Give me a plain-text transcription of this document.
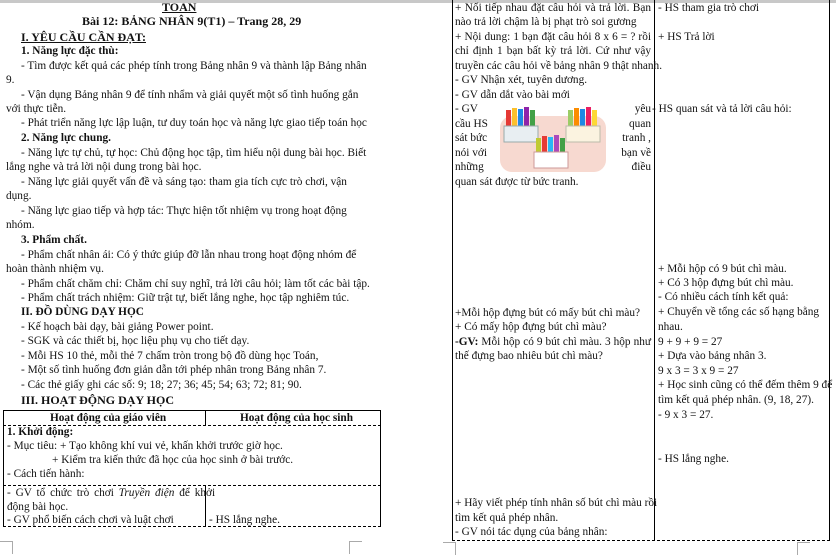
TOAN
Bài 12: BẢNG NHÂN 9(T1) – Trang 28, 29
I. YÊU CẦU CẦN ĐẠT:
1. Năng lực đặc thù:
- Tìm được kết quả các phép tính trong Bảng nhân 9 và thành lập Bảng nhân
9.
- Vận dụng Bảng nhân 9 để tính nhẩm và giải quyết một số tình huống gắn
với thực tiễn.
- Phát triển năng lực lập luận, tư duy toán học và năng lực giao tiếp toán học
2. Năng lực chung.
- Năng lực tự chủ, tự học: Chủ động học tập, tìm hiểu nội dung bài học. Biết
lắng nghe và trả lời nội dung trong bài học.
- Năng lực giải quyết vấn đề và sáng tạo: tham gia tích cực trò chơi, vận
dụng.
- Năng lực giao tiếp và hợp tác: Thực hiện tốt nhiệm vụ trong hoạt động
nhóm.
3. Phẩm chất.
- Phẩm chất nhân ái: Có ý thức giúp đỡ lẫn nhau trong hoạt động nhóm để
hoàn thành nhiệm vụ.
- Phẩm chất chăm chỉ: Chăm chỉ suy nghĩ, trả lời câu hỏi; làm tốt các bài tập.
- Phẩm chất trách nhiệm: Giữ trật tự, biết lắng nghe, học tập nghiêm túc.
II. ĐỒ DÙNG DẠY HỌC
- Kế hoạch bài dạy, bài giảng Power point.
- SGK và các thiết bị, học liệu phụ vụ cho tiết dạy.
- Mỗi HS 10 thẻ, mỗi thẻ 7 chấm tròn trong bộ đồ dùng học Toán,
- Một số tình huống đơn giản dẫn tới phép nhân trong Bảng nhân 7.
- Các thẻ giấy ghi các số: 9; 18; 27; 36; 45; 54; 63; 72; 81; 90.
III. HOẠT ĐỘNG DẠY HỌC
Hoạt động của giáo viên	Hoạt động của học sinh
1. Khởi động:
- Mục tiêu: + Tạo không khí vui vẻ, khấn khởi trước giờ học.
+ Kiểm tra kiến thức đã học của học sinh ở bài trước.
- Cách tiến hành:
- GV tổ chức trò chơi Truyền điện để khởi
động bài học.
- GV phổ biến cách chơi và luật chơi	- HS lắng nghe.
+ Nối tiếp nhau đặt câu hỏi và trả lời. Bạn
nào trả lời chậm là bị phạt trò soi gương
+ Nội dung: 1 bạn đặt câu hỏi 8 x 6 = ? rồi
chỉ định 1 bạn bất kỳ trả lời. Cứ như vậy
truyền các câu hỏi về bảng nhân 9 thật nhanh.
- GV Nhận xét, tuyên dương.
- GV dẫn dắt vào bài mới
- GV
cầu HS
sát bức
nói với
những
yêu
quan
tranh ,
bạn về
điều
quan sát được từ bức tranh.
+Mỗi hộp đựng bút có mấy bút chì màu?
+ Có mấy hộp đựng bút chì màu?
-GV: Mỗi hộp có 9 bút chì màu. 3 hộp như
thế đựng bao nhiêu bút chì màu?
+ Hãy viết phép tính nhân số bút chì màu rồi
tìm kết quả phép nhân.
- GV nói tác dụng của bảng nhân:
- HS tham gia trò chơi
+ HS Trả lời
- HS quan sát và tả lời câu hỏi:
+ Mỗi hộp có 9 bút chì màu.
+ Có 3 hộp đựng bút chì màu.
- Có nhiều cách tính kết quả:
+ Chuyển về tổng các số hạng bằng
nhau.
9 + 9 + 9 = 27
+ Dựa vào bảng nhân 3.
9 x 3 = 3 x 9 = 27
+ Học sinh cũng có thể đếm thêm 9 để
tìm kết quả phép nhân. (9, 18, 27).
- 9 x 3 = 27.
- HS lắng nghe.
